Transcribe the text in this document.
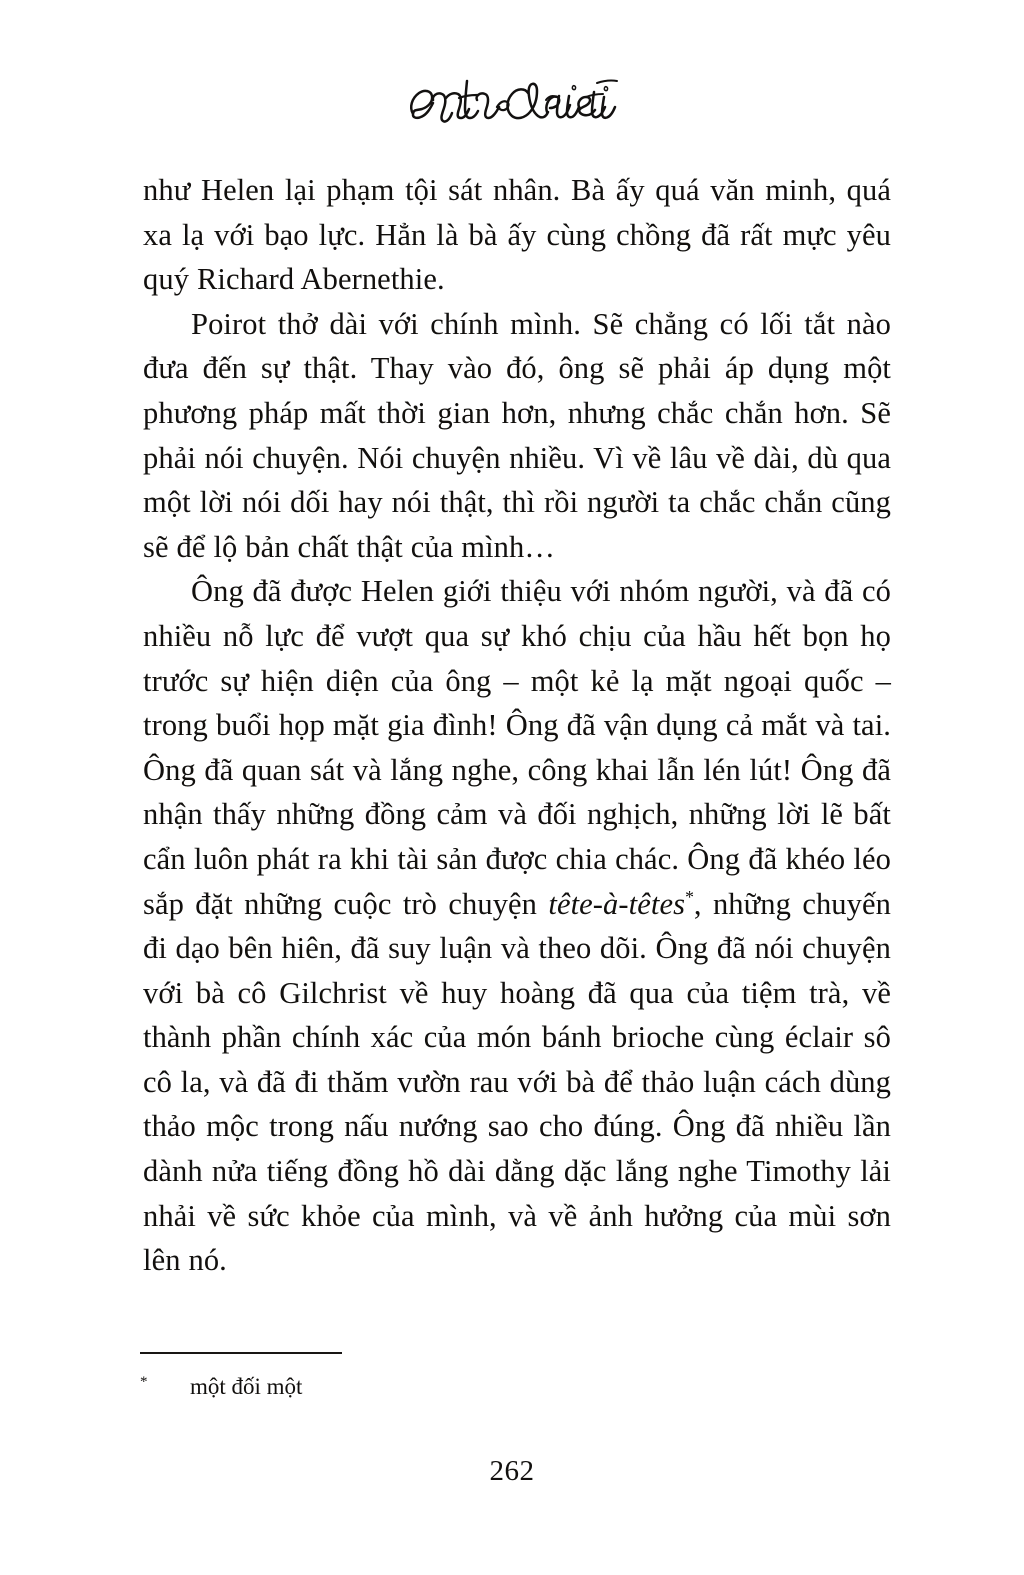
như Helen lại phạm tội sát nhân. Bà ấy quá văn minh, quá xa lạ với bạo lực. Hẳn là bà ấy cùng chồng đã rất mực yêu quý Richard Abernethie.

Poirot thở dài với chính mình. Sẽ chẳng có lối tắt nào đưa đến sự thật. Thay vào đó, ông sẽ phải áp dụng một phương pháp mất thời gian hơn, nhưng chắc chắn hơn. Sẽ phải nói chuyện. Nói chuyện nhiều. Vì về lâu về dài, dù qua một lời nói dối hay nói thật, thì rồi người ta chắc chắn cũng sẽ để lộ bản chất thật của mình…

Ông đã được Helen giới thiệu với nhóm người, và đã có nhiều nỗ lực để vượt qua sự khó chịu của hầu hết bọn họ trước sự hiện diện của ông – một kẻ lạ mặt ngoại quốc – trong buổi họp mặt gia đình! Ông đã vận dụng cả mắt và tai. Ông đã quan sát và lắng nghe, công khai lẫn lén lút! Ông đã nhận thấy những đồng cảm và đối nghịch, những lời lẽ bất cẩn luôn phát ra khi tài sản được chia chác. Ông đã khéo léo sắp đặt những cuộc trò chuyện tête-à-têtes*, những chuyến đi dạo bên hiên, đã suy luận và theo dõi. Ông đã nói chuyện với bà cô Gilchrist về huy hoàng đã qua của tiệm trà, về thành phần chính xác của món bánh brioche cùng éclair sô cô la, và đã đi thăm vườn rau với bà để thảo luận cách dùng thảo mộc trong nấu nướng sao cho đúng. Ông đã nhiều lần dành nửa tiếng đồng hồ dài dằng dặc lắng nghe Timothy lải nhải về sức khỏe của mình, và về ảnh hưởng của mùi sơn lên nó.

* một đối một
262
